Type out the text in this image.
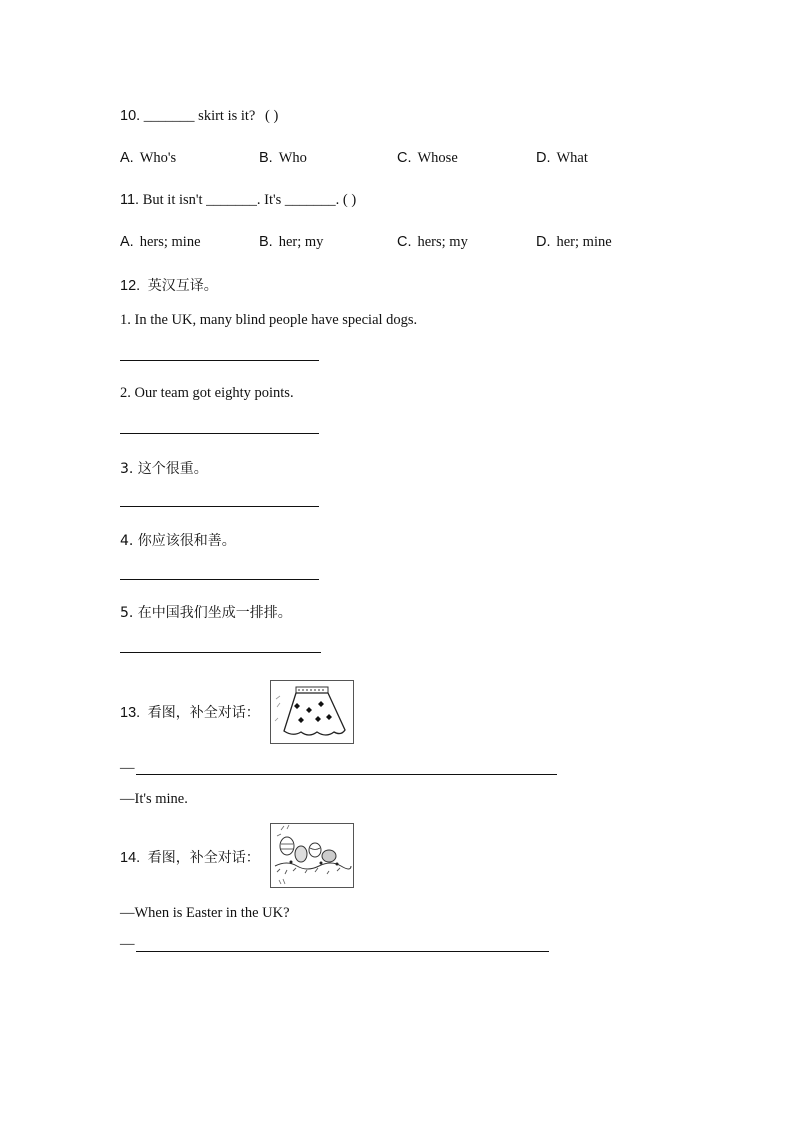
10. _______ skirt is it? ( )
A. Who's	B. Who	C. Whose	D. What
11. But it isn't _______. It's _______. ( )
A. hers; mine	B. her; my	C. hers; my	D. her; mine
12. 英汉互译。
1. In the UK, many blind people have special dogs.
2. Our team got eighty points.
3. 这个很重。
4. 你应该很和善。
5. 在中国我们坐成一排排。
13. 看图，补全对话：
—
—It's mine.
14. 看图，补全对话：
—When is Easter in the UK?
—
